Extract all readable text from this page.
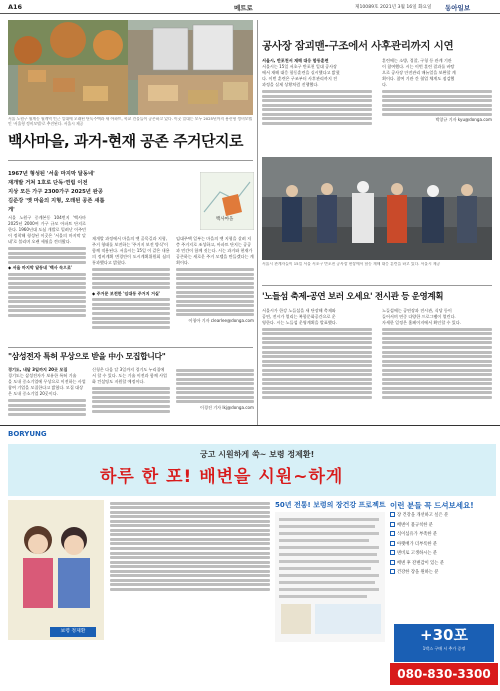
A16	메트로	제10089호 2021년 3월 16일 화요일 동아일보
서울 노원구 월계동 월계역 인근 일대에 오래된 단독주택과 새 아파트, 학교 건물들이 공존하고 있다. 이곳 일대는 모두 2025년까지 용산형 정비모델인 '서울형 정비모델'로 추진된다. 서울시 제공
백사마을, 과거-현재 공존 주거단지로
1967년 형성된 '서울 마지막 달동네'
재개발 거쳐 1호로 단독·연립 이전
지상 모든 가구 2300가구 2025년 완공
김준강 '옛 마을의 지형, 오래된 공존 새롭게'
백사마을
서울 노원구 중계본동 104번지 '백사마
2025년 2000여 가구 규모 아파트 단지로
한다. 1960년대 도심 개발로 밀려난 이주민
이 정착해 형성된 이곳은 '서울의 마지막 달
네'로 불리며 오랜 세월을 견뎌왔다.
◆ 서울 마지막 달동네 '백사 속으로'
재개발 과정에서 마을의 옛 골목길과 지형,
주거 형태를 보전하는 '주거지 보전 방식'이
함께 적용된다. 서울시는 15일 이 같은 내용
의 정비계획 변경안이 도시계획위원회 심의
통과했다고 밝혔다.
◆ 주거문 보전한 '임대동 주거지 거실'
임대주택 일부는 마을의 옛 지형을 살려 저
층 주거지로 조성하고, 아파트 단지는 공공
과 민간이 함께 짓는다. 시는 과거와 현재가
공존하는 새로운 주거 모델을 만들겠다는 계
획이다.
이청아 기자 clearlee@donga.com
공사장 잠괴맨-구조에서 사후관리까지 시연
서울시, 반포천서 재해 대응 합동훈련
서울시는 15일 서초구 반포천 일대 공사장
에서 재해 대응 합동훈련을 실시했다고 밝혔
다. 이번 훈련은 구조부터 사후관리까지 전
과정을 실제 상황처럼 진행했다.
훈련에는 소방, 경찰, 구청 등 관계 기관
이 참여했다. 시는 이번 훈련 결과를 바탕
으로 공사장 안전관리 매뉴얼을 보완할 계
획이다. 참여 기관 간 협업 체계도 점검했
다.
박창규 기자 kyu@donga.com
서울시 관계자들이 15일 서울 서초구 반포천 공사장 현장에서 합동 재해 대응 훈련을 하고 있다. 서울시 제공
'노들섬 축제-공연 보러 오세요' 전시관 등 운영계획
서울시가 한강 노들섬을 새 단장해 축제와
공연, 전시가 열리는 복합문화공간으로 운
영한다. 시는 노들섬 운영계획을 발표했다.
노들섬에는 공연장과 전시관, 식당 등이
들어서며 연중 다양한 프로그램이 열린다.
자세한 일정은 홈페이지에서 확인할 수 있다.
"삼성전자 특허 무상으로 받을 中小 모집합니다"
경기도, 내달 3일까지 20곳 모집
경기도는 삼성전자가 보유한 특허 기술
을 도내 중소기업에 무상으로 이전하는 사업
참여 기업을 모집한다고 밝혔다. 모집 대상
은 도내 중소기업 20곳이다.
신청은 다음 달 3일까지 경기도 누리집에
서 할 수 있다. 도는 기술 이전과 함께 사업
화 컨설팅도 지원할 예정이다.
이경진 기자 lkj@donga.com
BORYUNG
궁고 시원하게 쑥~ 보령 정제환!
하루 한 포! 배변을 시원~하게
보령 정제환
50년 전통! 보령의 장건강 프로젝트 이런 분들 꼭 드셔보세요!
장 건강을 개선하고 싶은 분
배변이 불규칙한 분
식이섬유가 부족한 분
아랫배가 더부룩한 분
변비로 고생하시는 분
배변 후 잔변감이 있는 분
건강한 장을 원하는 분
+30포
1박스 구매 시 추가 증정
080-830-3300
